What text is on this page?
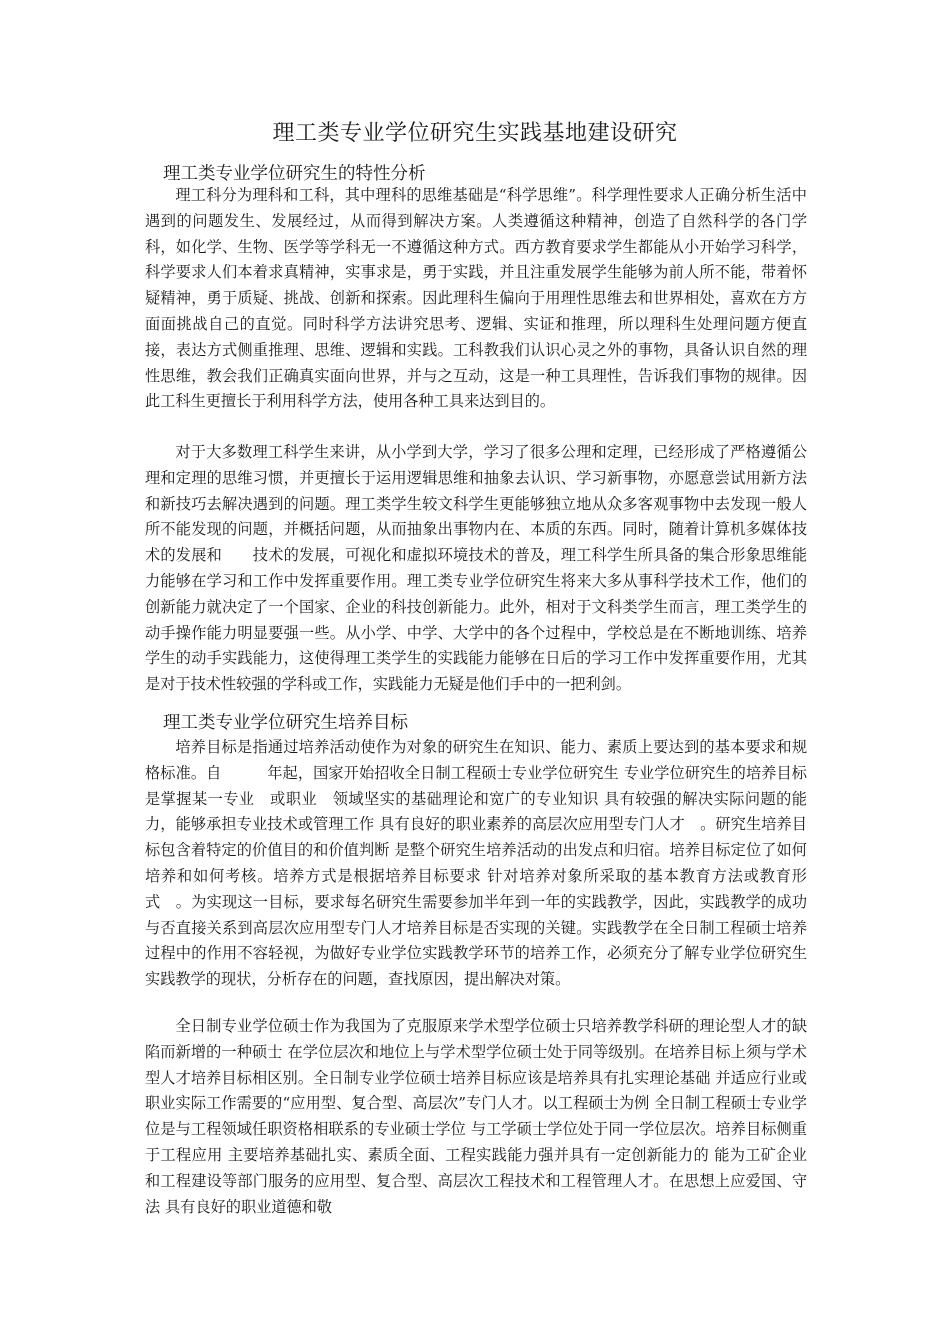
理工类专业学位研究生实践基地建设研究
理工类专业学位研究生的特性分析

理工科分为理科和工科，其中理科的思维基础是“科学思维”。科学理性要求人正确分析生活中遇到的问题发生、发展经过，从而得到解决方案。人类遵循这种精神，创造了自然科学的各门学科，如化学、生物、医学等学科无一不遵循这种方式。西方教育要求学生都能从小开始学习科学，科学要求人们本着求真精神，实事求是，勇于实践，并且注重发展学生能够为前人所不能，带着怀疑精神，勇于质疑、挑战、创新和探索。因此理科生偏向于用理性思维去和世界相处，喜欢在方方面面挑战自己的直觉。同时科学方法讲究思考、逻辑、实证和推理，所以理科生处理问题方便直接，表达方式侧重推理、思维、逻辑和实践。工科教我们认识心灵之外的事物，具备认识自然的理性思维，教会我们正确真实面向世界，并与之互动，这是一种工具理性，告诉我们事物的规律。因此工科生更擅长于利用科学方法，使用各种工具来达到目的。

对于大多数理工科学生来讲，从小学到大学，学习了很多公理和定理，已经形成了严格遵循公理和定理的思维习惯，并更擅长于运用逻辑思维和抽象去认识、学习新事物，亦愿意尝试用新方法和新技巧去解决遇到的问题。理工类学生较文科学生更能够独立地从众多客观事物中去发现一般人所不能发现的问题，并概括问题，从而抽象出事物内在、本质的东西。同时，随着计算机多媒体技术的发展和　　技术的发展，可视化和虚拟环境技术的普及，理工科学生所具备的集合形象思维能力能够在学习和工作中发挥重要作用。理工类专业学位研究生将来大多从事科学技术工作，他们的创新能力就决定了一个国家、企业的科技创新能力。此外，相对于文科类学生而言，理工类学生的动手操作能力明显要强一些。从小学、中学、大学中的各个过程中，学校总是在不断地训练、培养学生的动手实践能力，这使得理工类学生的实践能力能够在日后的学习工作中发挥重要作用，尤其是对于技术性较强的学科或工作，实践能力无疑是他们手中的一把利剑。

理工类专业学位研究生培养目标

培养目标是指通过培养活动使作为对象的研究生在知识、能力、素质上要达到的基本要求和规格标准。自　　　年起，国家开始招收全日制工程硕士专业学位研究生 专业学位研究生的培养目标是掌握某一专业　或职业　领域坚实的基础理论和宽广的专业知识 具有较强的解决实际问题的能力，能够承担专业技术或管理工作 具有良好的职业素养的高层次应用型专门人才　。研究生培养目标包含着特定的价值目的和价值判断 是整个研究生培养活动的出发点和归宿。培养目标定位了如何培养和如何考核。培养方式是根据培养目标要求 针对培养对象所采取的基本教育方法或教育形式　。为实现这一目标，要求每名研究生需要参加半年到一年的实践教学，因此，实践教学的成功与否直接关系到高层次应用型专门人才培养目标是否实现的关键。实践教学在全日制工程硕士培养过程中的作用不容轻视，为做好专业学位实践教学环节的培养工作，必须充分了解专业学位研究生实践教学的现状，分析存在的问题，查找原因，提出解决对策。

全日制专业学位硕士作为我国为了克服原来学术型学位硕士只培养教学科研的理论型人才的缺陷而新增的一种硕士 在学位层次和地位上与学术型学位硕士处于同等级别。在培养目标上须与学术型人才培养目标相区别。全日制专业学位硕士培养目标应该是培养具有扎实理论基础 并适应行业或职业实际工作需要的“应用型、复合型、高层次”专门人才。以工程硕士为例 全日制工程硕士专业学位是与工程领域任职资格相联系的专业硕士学位 与工学硕士学位处于同一学位层次。培养目标侧重于工程应用 主要培养基础扎实、素质全面、工程实践能力强并具有一定创新能力的 能为工矿企业和工程建设等部门服务的应用型、复合型、高层次工程技术和工程管理人才。在思想上应爱国、守法 具有良好的职业道德和敬
